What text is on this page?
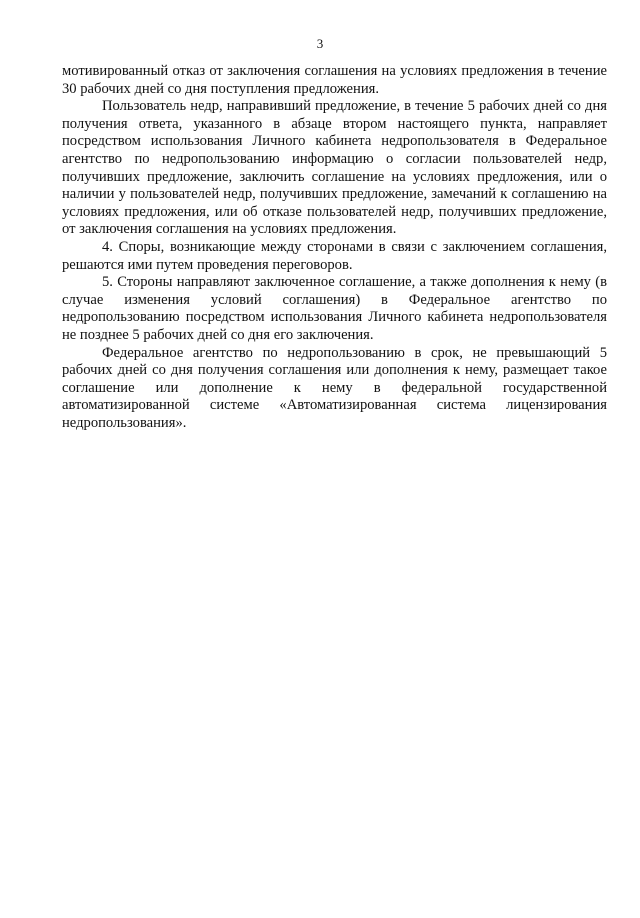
3

мотивированный отказ от заключения соглашения на условиях предложения в течение 30 рабочих дней со дня поступления предложения.

Пользователь недр, направивший предложение, в течение 5 рабочих дней со дня получения ответа, указанного в абзаце втором настоящего пункта, направляет посредством использования Личного кабинета недропользователя в Федеральное агентство по недропользованию информацию о согласии пользователей недр, получивших предложение, заключить соглашение на условиях предложения, или о наличии у пользователей недр, получивших предложение, замечаний к соглашению на условиях предложения, или об отказе пользователей недр, получивших предложение, от заключения соглашения на условиях предложения.

4. Споры, возникающие между сторонами в связи с заключением соглашения, решаются ими путем проведения переговоров.

5. Стороны направляют заключенное соглашение, а также дополнения к нему (в случае изменения условий соглашения) в Федеральное агентство по недропользованию посредством использования Личного кабинета недропользователя не позднее 5 рабочих дней со дня его заключения.

Федеральное агентство по недропользованию в срок, не превышающий 5 рабочих дней со дня получения соглашения или дополнения к нему, размещает такое соглашение или дополнение к нему в федеральной государственной автоматизированной системе «Автоматизированная система лицензирования недропользования».
